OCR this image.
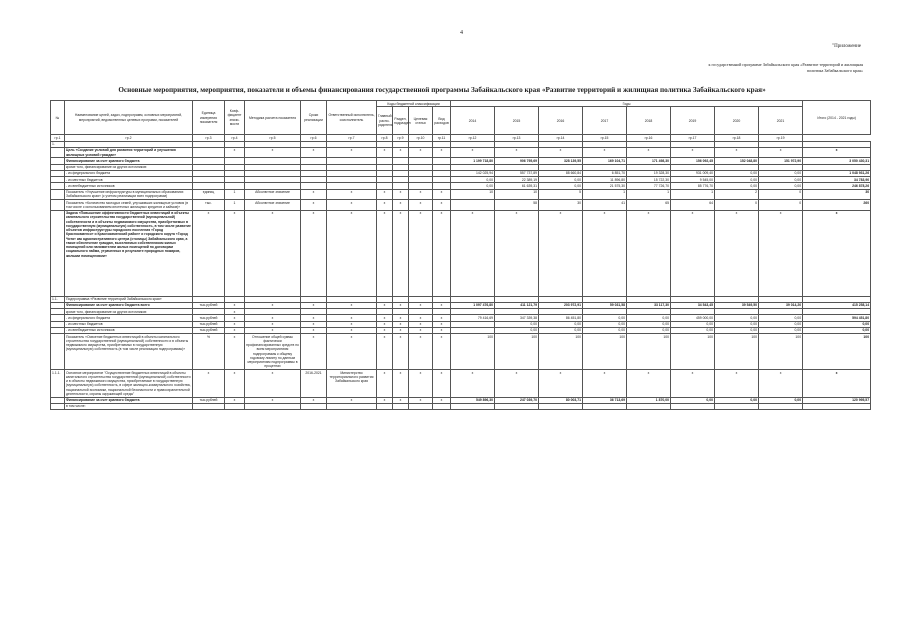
4
"Приложение
к государственной программе Забайкальского края «Развитие территорий и жилищная
политика Забайкальского края»
Основные мероприятия, мероприятия, показатели и объемы финансирования государственной программы Забайкальского края «Развитие территорий и жилищная политика Забайкальского края»
№	Наименование целей, задач, подпрограмм, основных мероприятий, мероприятий, ведомственных целевых программ, показателей	Единица измерения показателя	Коэф-фициент значи-мости	Методика расчета показателя	Сроки реализации	Ответственный исполнитель, соисполнитель	Коды бюджетной классификации				Годы								Итого (2014 - 2021 годы)
							Главный распо-рядитель	Раздел, подраздел	Целевая статья	Вид расходов	2014	2015	2016	2017	2018	2019	2020	2021	
гр.1	гр.2	гр.3	гр.4	гр.5	гр.6	гр.7	гр.8	гр.9	гр.10	гр.11	гр.12	гр.13	гр.14	гр.15	гр.16	гр.17	гр.18	гр.19	
1.																			
	Цель «Создание условий для развития территорий и улучшения жилищных условий граждан»		x	x	x	x	x	x	x	x	x	x	x	x	x	x	x	x	x
	Финансирование за счет краевого бюджета										1 199 718,80	906 795,69	328 139,55	169 104,71	171 498,30	156 092,45	152 048,80	151 972,90	3 050 430,31
	кроме того, финансирование из других источников:																		
	- из федерального бюджета										142 025,94	557 737,89	88 660,84	6 851,70	19 328,30	931 009,40	0,00	0,00	1 048 931,26
	- из местных бюджетов										0,00	22 389,19	0,00	11 896,80	15 722,30	9 545,00	0,00	0,00	34 783,90
	- из внебюджетных источников										0,00	61 639,31	0,00	21 575,30	77 726,70	85 776,70	0,00	0,00	246 878,26
	Показатель «Улучшение инфраструктуры в муниципальных образованиях Забайкальского края» (с учетом реализации всех подпрограмм)	единиц	1	Абсолютное значение	x	x	x	x	x	x	10	10	5	1	1	1	2	0	30
	Показатель «Количество молодых семей, улучшивших жилищные условия (в том числе с использованием ипотечных жилищных кредитов и займов)»	тыс.	1	Абсолютное значение	x	x	x	x	x	x		58	30	41	65	64	0	0	260
	Задача «Повышение эффективности бюджетных инвестиций в объекты капитального строительства государственной (муниципальной) собственности и в объекты недвижимого имущества, приобретаемых в государственную (муниципальную) собственность, в том числе развитие объектов инфраструктуры городского поселения «Город Краснокаменск» и Краснокаменский район» и городского округа «Город Чита» как административного центра (столицы) Забайкальского края, а также обеспечение граждан, выселяемых собственником жилых помещений или нанимателем жилых помещений по договорам социального найма, утраченных в результате природных пожаров, жилыми помещениями»	x	x	x	x	x	x	x	x	x	x	x	x	x	x	x	x	x	x
1.1.	Подпрограмма «Развитие территорий Забайкальского края»																		
	Финансирование за счет краевого бюджета всего	тыс.рублей	x	x	x	x	x	x	x	x	1 097 476,80	411 121,79	203 972,91	59 031,58	33 117,30	34 543,45	39 549,50	39 014,20	415 258,14
	кроме того, финансирование из других источников:		x																
	- из федерального бюджета	тыс.рублей	x	x	x	x	x	x	x	x	79 416,69	347 339,38	86 451,80	0,00	0,00	459 000,00	0,00	0,00	594 451,80
	- из местных бюджетов	тыс.рублей	x	x	x	x	x	x	x	x		0,00	0,00	0,00	0,00	0,00	0,00	0,00	0,00
	- из внебюджетных источников	тыс.рублей	x	x	x	x	x	x	x	x		0,00	0,00	0,00	0,00	0,00	0,00	0,00	0,00
	Показатель «Освоение бюджетных инвестиций в объекты капитального строительства государственной (муниципальной) собственности и в объекты недвижимого имущества, приобретаемых в государственную (муниципальную) собственность (в том числе реализация подпрограммы)»	%	x	Отношение общей суммы фактически профинансированных средств по всем мероприятиям подпрограммы к общему годовому лимиту по данным мероприятиям подпрограммы в процентах	x	x	x	x	x	x	100	100	100	100	100	100	100	100	100
1.1.1.	Основное мероприятие "Осуществление бюджетных инвестиций в объекты капитального строительства государственной (муниципальной) собственности и в объекты недвижимого имущества, приобретаемые в государственную (муниципальную) собственность, в сфере жилищно-коммунального хозяйства, национальной экономики, национальной безопасности и правоохранительной деятельности, охраны окружающей среды"	x	x	x	2016-2021	Министерство территориального развития Забайкальского края	x	x	x	x	x	x	x	x	x	x	x	x	x
	Финансирование за счет краевого бюджета	тыс.рублей	x	x	x	x	x	x	x	x	549 896,30	247 039,70	80 003,71	36 713,69	1 870,00	0,00	0,00	0,00	120 995,57
	в том числе:																		
